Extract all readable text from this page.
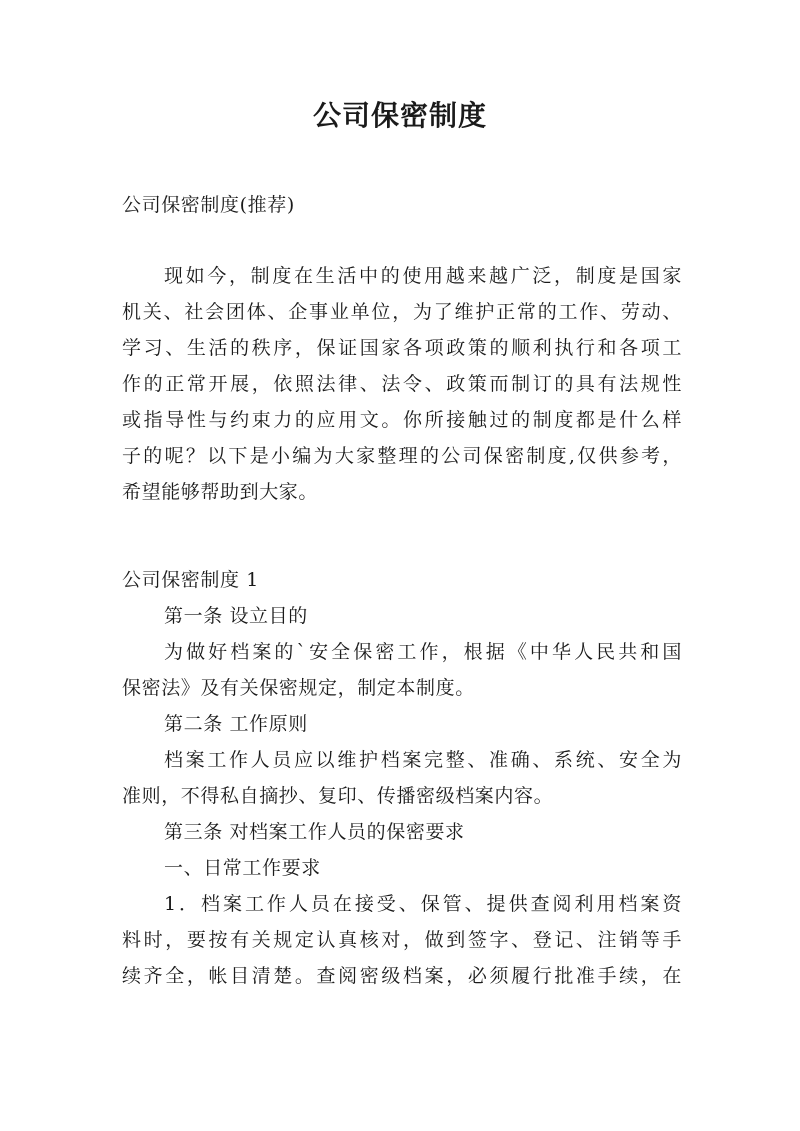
公司保密制度
公司保密制度(推荐)
现如今，制度在生活中的使用越来越广泛，制度是国家
机关、社会团体、企事业单位，为了维护正常的工作、劳动、
学习、生活的秩序，保证国家各项政策的顺利执行和各项工
作的正常开展，依照法律、法令、政策而制订的具有法规性
或指导性与约束力的应用文。你所接触过的制度都是什么样
子的呢？以下是小编为大家整理的公司保密制度,仅供参考，
希望能够帮助到大家。
公司保密制度 1
第一条 设立目的
为做好档案的`安全保密工作，根据《中华人民共和国
保密法》及有关保密规定，制定本制度。
第二条 工作原则
档案工作人员应以维护档案完整、准确、系统、安全为
准则，不得私自摘抄、复印、传播密级档案内容。
第三条 对档案工作人员的保密要求
一、日常工作要求
1．档案工作人员在接受、保管、提供查阅利用档案资
料时，要按有关规定认真核对，做到签字、登记、注销等手
续齐全，帐目清楚。查阅密级档案，必须履行批准手续，在
